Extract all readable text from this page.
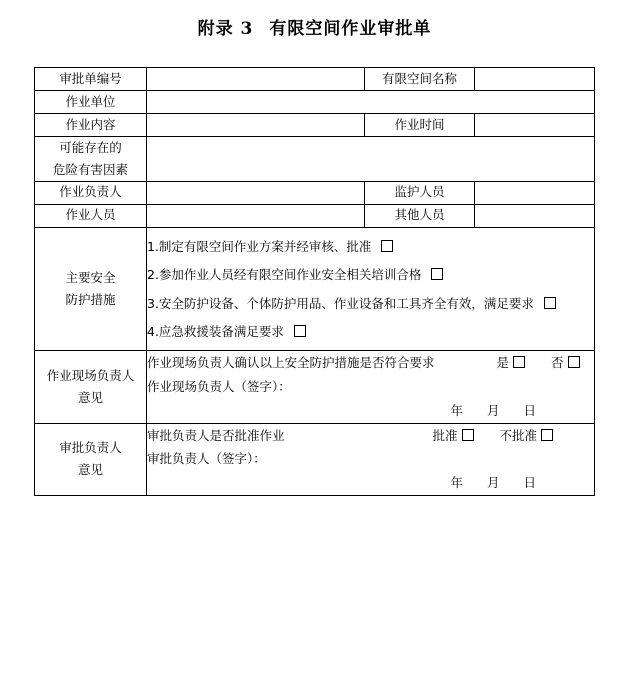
附录 3 有限空间作业审批单
审批单编号		有限空间名称	
作业单位			
作业内容		作业时间	

可能存在的
危险有害因素			

作业负责人		监护人员	
作业人员		其他人员	

主要安全
防护措施

1.制定有限空间作业方案并经审核、批准
2.参加作业人员经有限空间作业安全相关培训合格
3.安全防护设备、个体防护用品、作业设备和工具齐全有效，满足要求
4.应急救援装备满足要求

作业现场负责人
意见

作业现场负责人确认以上安全防护措施是否符合要求	是	否
作业现场负责人（签字）：
年 月 日

审批负责人
意见

审批负责人是否批准作业	批准	不批准
审批负责人（签字）：
年 月 日
